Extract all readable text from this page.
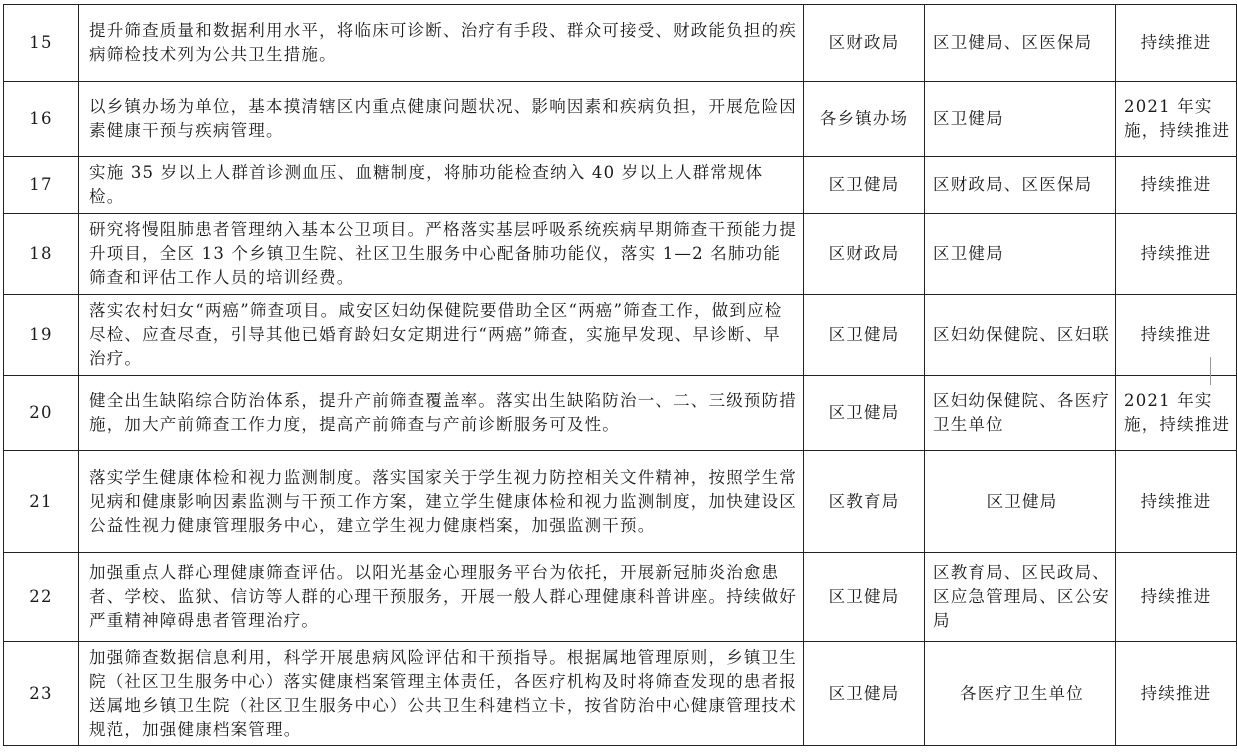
15	提升筛查质量和数据利用水平，将临床可诊断、治疗有手段、群众可接受、财政能负担的疾病筛检技术列为公共卫生措施。	区财政局	区卫健局、区医保局	持续推进
16	以乡镇办场为单位，基本摸清辖区内重点健康问题状况、影响因素和疾病负担，开展危险因素健康干预与疾病管理。	各乡镇办场	区卫健局	2021 年实施，持续推进
17	实施 35 岁以上人群首诊测血压、血糖制度，将肺功能检查纳入 40 岁以上人群常规体检。	区卫健局	区财政局、区医保局	持续推进
18	研究将慢阻肺患者管理纳入基本公卫项目。严格落实基层呼吸系统疾病早期筛查干预能力提升项目，全区 13 个乡镇卫生院、社区卫生服务中心配备肺功能仪，落实 1—2 名肺功能筛查和评估工作人员的培训经费。	区财政局	区卫健局	持续推进
19	落实农村妇女“两癌”筛查项目。咸安区妇幼保健院要借助全区“两癌”筛查工作，做到应检尽检、应查尽查，引导其他已婚育龄妇女定期进行“两癌”筛查，实施早发现、早诊断、早治疗。	区卫健局	区妇幼保健院、区妇联	持续推进
20	健全出生缺陷综合防治体系，提升产前筛查覆盖率。落实出生缺陷防治一、二、三级预防措施，加大产前筛查工作力度，提高产前筛查与产前诊断服务可及性。	区卫健局	区妇幼保健院、各医疗卫生单位	2021 年实施，持续推进
21	落实学生健康体检和视力监测制度。落实国家关于学生视力防控相关文件精神，按照学生常见病和健康影响因素监测与干预工作方案，建立学生健康体检和视力监测制度，加快建设区公益性视力健康管理服务中心，建立学生视力健康档案，加强监测干预。	区教育局	区卫健局	持续推进
22	加强重点人群心理健康筛查评估。以阳光基金心理服务平台为依托，开展新冠肺炎治愈患者、学校、监狱、信访等人群的心理干预服务，开展一般人群心理健康科普讲座。持续做好严重精神障碍患者管理治疗。	区卫健局	区教育局、区民政局、区应急管理局、区公安局	持续推进
23	加强筛查数据信息利用，科学开展患病风险评估和干预指导。根据属地管理原则，乡镇卫生院（社区卫生服务中心）落实健康档案管理主体责任，各医疗机构及时将筛查发现的患者报送属地乡镇卫生院（社区卫生服务中心）公共卫生科建档立卡，按省防治中心健康管理技术规范，加强健康档案管理。	区卫健局	各医疗卫生单位	持续推进
